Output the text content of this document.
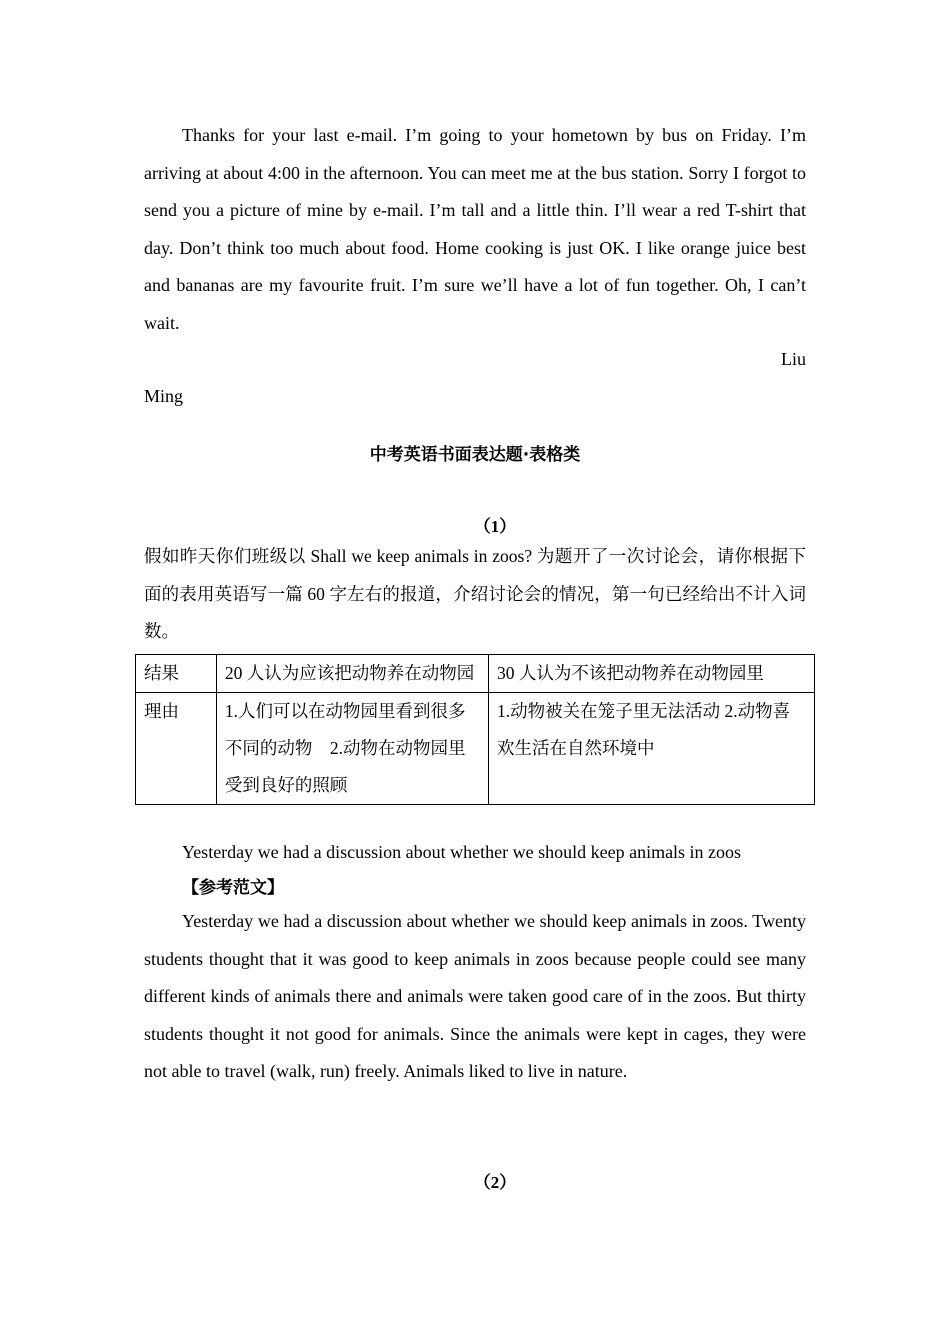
Thanks for your last e-mail. I’m going to your hometown by bus on Friday. I’m arriving at about 4:00 in the afternoon. You can meet me at the bus station. Sorry I forgot to send you a picture of mine by e-mail. I’m tall and a little thin. I’ll wear a red T-shirt that day. Don’t think too much about food. Home cooking is just OK. I like orange juice best and bananas are my favourite fruit. I’m sure we’ll have a lot of fun together. Oh, I can’t wait.

Liu

Ming

中考英语书面表达题·表格类

（1）

假如昨天你们班级以 Shall we keep animals in zoos? 为题开了一次讨论会，请你根据下面的表用英语写一篇 60 字左右的报道，介绍讨论会的情况，第一句已经给出不计入词数。

结果	20 人认为应该把动物养在动物园	30 人认为不该把动物养在动物园里
理由	1.人们可以在动物园里看到很多不同的动物　2.动物在动物园里受到良好的照顾	1.动物被关在笼子里无法活动 2.动物喜欢生活在自然环境中

Yesterday we had a discussion about whether we should keep animals in zoos

【参考范文】

Yesterday we had a discussion about whether we should keep animals in zoos. Twenty students thought that it was good to keep animals in zoos because people could see many different kinds of animals there and animals were taken good care of in the zoos. But thirty students thought it not good for animals. Since the animals were kept in cages, they were not able to travel (walk, run) freely. Animals liked to live in nature.

（2）
